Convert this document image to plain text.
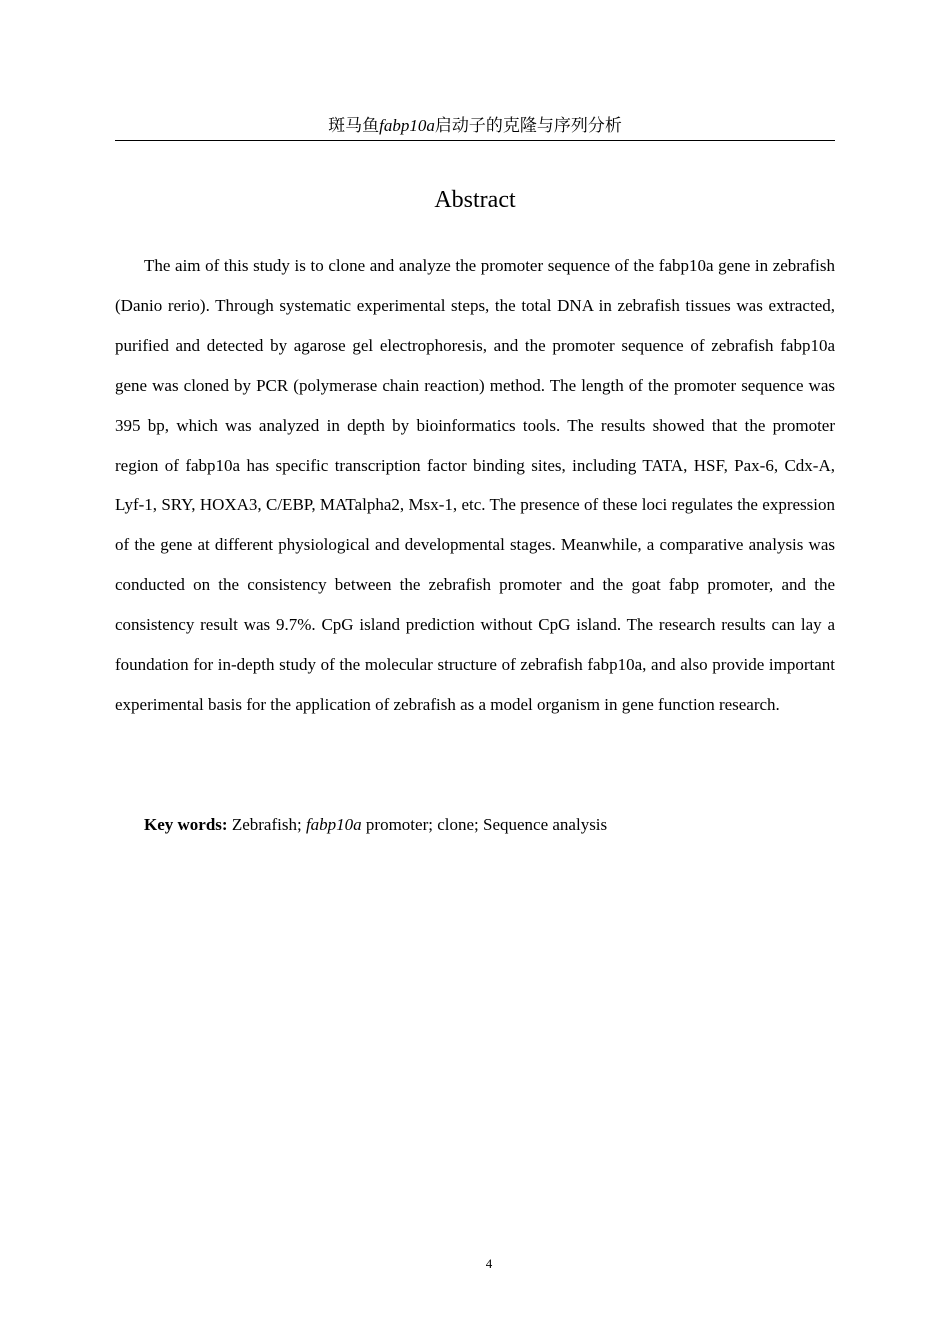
斑马鱼fabp10a启动子的克隆与序列分析
Abstract

The aim of this study is to clone and analyze the promoter sequence of the fabp10a gene in zebrafish (Danio rerio). Through systematic experimental steps, the total DNA in zebrafish tissues was extracted, purified and detected by agarose gel electrophoresis, and the promoter sequence of zebrafish fabp10a gene was cloned by PCR (polymerase chain reaction) method. The length of the promoter sequence was 395 bp, which was analyzed in depth by bioinformatics tools. The results showed that the promoter region of fabp10a has specific transcription factor binding sites, including TATA, HSF, Pax-6, Cdx-A, Lyf-1, SRY, HOXA3, C/EBP, MATalpha2, Msx-1, etc. The presence of these loci regulates the expression of the gene at different physiological and developmental stages. Meanwhile, a comparative analysis was conducted on the consistency between the zebrafish promoter and the goat fabp promoter, and the consistency result was 9.7%. CpG island prediction without CpG island. The research results can lay a foundation for in-depth study of the molecular structure of zebrafish fabp10a, and also provide important experimental basis for the application of zebrafish as a model organism in gene function research.

Key words: Zebrafish; fabp10a promoter; clone; Sequence analysis

4
